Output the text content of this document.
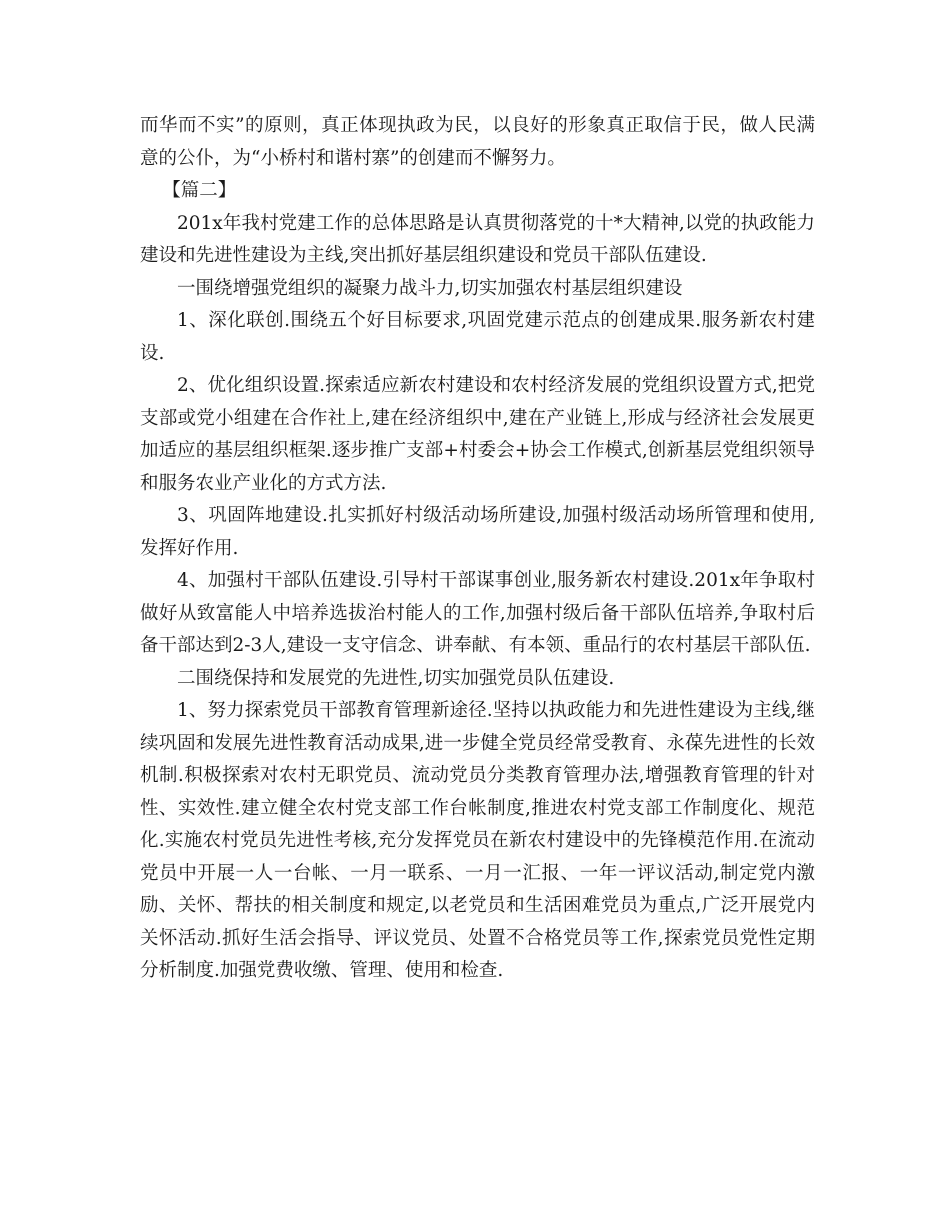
而华而不实”的原则，真正体现执政为民，以良好的形象真正取信于民，做人民满意的公仆，为“小桥村和谐村寨”的创建而不懈努力。

【篇二】

201x年我村党建工作的总体思路是认真贯彻落党的十*大精神,以党的执政能力建设和先进性建设为主线,突出抓好基层组织建设和党员干部队伍建设.

一围绕增强党组织的凝聚力战斗力,切实加强农村基层组织建设

1、深化联创.围绕五个好目标要求,巩固党建示范点的创建成果.服务新农村建设.

2、优化组织设置.探索适应新农村建设和农村经济发展的党组织设置方式,把党支部或党小组建在合作社上,建在经济组织中,建在产业链上,形成与经济社会发展更加适应的基层组织框架.逐步推广支部+村委会+协会工作模式,创新基层党组织领导和服务农业产业化的方式方法.

3、巩固阵地建设.扎实抓好村级活动场所建设,加强村级活动场所管理和使用,发挥好作用.

4、加强村干部队伍建设.引导村干部谋事创业,服务新农村建设.201x年争取村做好从致富能人中培养选拔治村能人的工作,加强村级后备干部队伍培养,争取村后备干部达到2-3人,建设一支守信念、讲奉献、有本领、重品行的农村基层干部队伍.

二围绕保持和发展党的先进性,切实加强党员队伍建设.

1、努力探索党员干部教育管理新途径.坚持以执政能力和先进性建设为主线,继续巩固和发展先进性教育活动成果,进一步健全党员经常受教育、永葆先进性的长效机制.积极探索对农村无职党员、流动党员分类教育管理办法,增强教育管理的针对性、实效性.建立健全农村党支部工作台帐制度,推进农村党支部工作制度化、规范化.实施农村党员先进性考核,充分发挥党员在新农村建设中的先锋模范作用.在流动党员中开展一人一台帐、一月一联系、一月一汇报、一年一评议活动,制定党内激励、关怀、帮扶的相关制度和规定,以老党员和生活困难党员为重点,广泛开展党内关怀活动.抓好生活会指导、评议党员、处置不合格党员等工作,探索党员党性定期分析制度.加强党费收缴、管理、使用和检查.
